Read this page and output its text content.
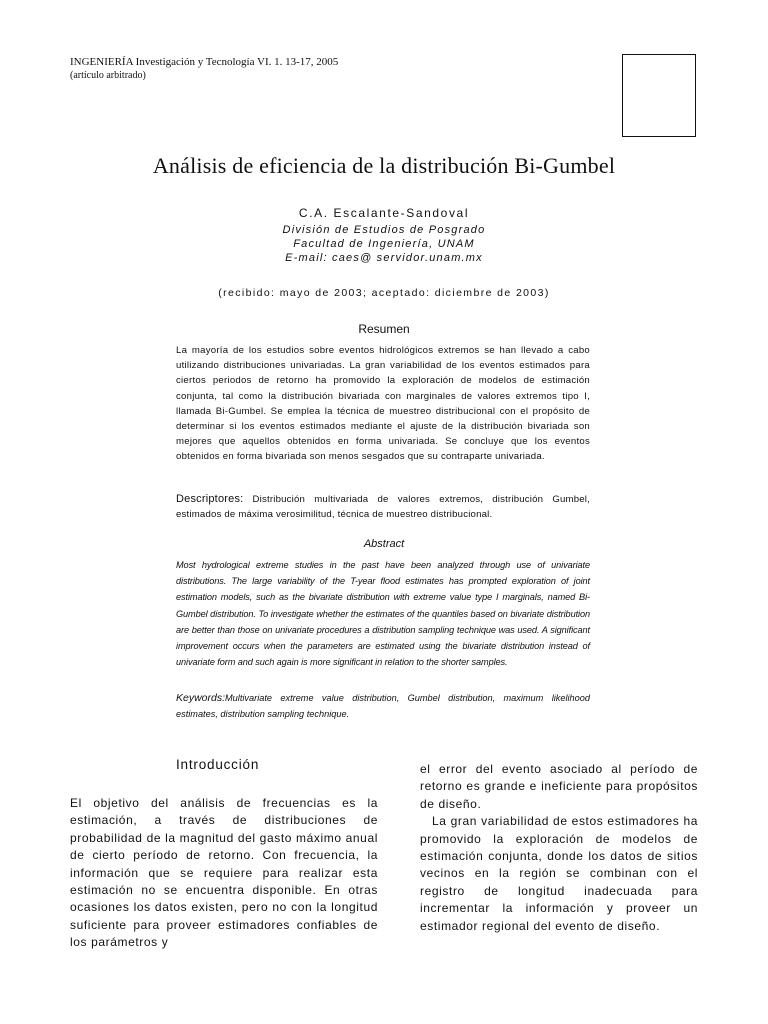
INGENIERÍA Investigación y Tecnología VI. 1. 13-17, 2005
(artículo arbitrado)
Análisis de eficiencia de la distribución Bi-Gumbel
C.A. Escalante-Sandoval
División de Estudios de Posgrado
Facultad de Ingeniería, UNAM
E-mail: caes@ servidor.unam.mx
(recibido: mayo de 2003; aceptado: diciembre de 2003)
Resumen
La mayoría de los estudios sobre eventos hidrológicos extremos se han llevado a cabo utilizando distribuciones univariadas. La gran variabilidad de los eventos estimados para ciertos periodos de retorno ha promovido la exploración de modelos de estimación conjunta, tal como la distribución bivariada con marginales de valores extremos tipo I, llamada Bi-Gumbel. Se emplea la técnica de muestreo distribucional con el propósito de determinar si los eventos estimados mediante el ajuste de la distribución bivariada son mejores que aquellos obtenidos en forma univariada. Se concluye que los eventos obtenidos en forma bivariada son menos sesgados que su contraparte univariada.
Descriptores: Distribución multivariada de valores extremos, distribución Gumbel, estimados de máxima verosimilitud, técnica de muestreo distribucional.
Abstract
Most hydrological extreme studies in the past have been analyzed through use of univariate distributions. The large variability of the T-year flood estimates has prompted exploration of joint estimation models, such as the bivariate distribution with extreme value type I marginals, named Bi-Gumbel distribution. To investigate whether the estimates of the quantiles based on bivariate distribution are better than those on univariate procedures a distribution sampling technique was used. A significant improvement occurs when the parameters are estimated using the bivariate distribution instead of univariate form and such again is more significant in relation to the shorter samples.
Keywords:Multivariate extreme value distribution, Gumbel distribution, maximum likelihood estimates, distribution sampling technique.
Introducción
El objetivo del análisis de frecuencias es la estimación, a través de distribuciones de probabilidad de la magnitud del gasto máximo anual de cierto período de retorno. Con frecuencia, la información que se requiere para realizar esta estimación no se encuentra disponible. En otras ocasiones los datos existen, pero no con la longitud suficiente para proveer estimadores confiables de los parámetros y

el error del evento asociado al período de retorno es grande e ineficiente para propósitos de diseño.

La gran variabilidad de estos estimadores ha promovido la exploración de modelos de estimación conjunta, donde los datos de sitios vecinos en la región se combinan con el registro de longitud inadecuada para incrementar la información y proveer un estimador regional del evento de diseño.
